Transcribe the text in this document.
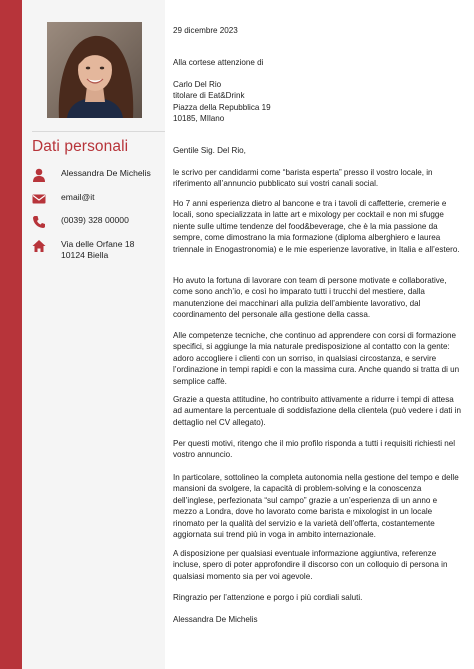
Dati personali
Alessandra De Michelis
email@it
(0039) 328 00000
Via delle Orfane 18
10124 Biella

29 dicembre 2023

Alla cortese attenzione di

Carlo Del Rio
titolare di Eat&Drink
Piazza della Repubblica 19
10185, MIlano

Gentile Sig. Del Rio,

le scrivo per candidarmi come “barista esperta” presso il vostro locale, in riferimento all’annuncio pubblicato sui vostri canali social.

Ho 7 anni esperienza dietro al bancone e tra i tavoli di caffetterie, cremerie e locali, sono specializzata in latte art e mixology per cocktail e non mi sfugge niente sulle ultime tendenze del food&beverage, che è la mia passione da sempre, come dimostrano la mia formazione (diploma alberghiero e laurea triennale in Enogastronomia) e le mie esperienze lavorative, in Italia e all’estero.

Ho avuto la fortuna di lavorare con team di persone motivate e collaborative, come sono anch’io, e così ho imparato tutti i trucchi del mestiere, dalla manutenzione dei macchinari alla pulizia dell’ambiente lavorativo, dal coordinamento del personale alla gestione della cassa.

Alle competenze tecniche, che continuo ad apprendere con corsi di formazione specifici, si aggiunge la mia naturale predisposizione al contatto con la gente: adoro accogliere i clienti con un sorriso, in qualsiasi circostanza, e servire l’ordinazione in tempi rapidi e con la massima cura. Anche quando si tratta di un semplice caffè.

Grazie a questa attitudine, ho contribuito attivamente a ridurre i tempi di attesa ad aumentare la percentuale di soddisfazione della clientela (può vedere i dati in dettaglio nel CV allegato).

Per questi motivi, ritengo che il mio profilo risponda a tutti i requisiti richiesti nel vostro annuncio.

In particolare, sottolineo la completa autonomia nella gestione del tempo e delle mansioni da svolgere, la capacità di problem-solving e la conoscenza dell’inglese, perfezionata “sul campo” grazie a un’esperienza di un anno e mezzo a Londra, dove ho lavorato come barista e mixologist in un locale rinomato per la qualità del servizio e la varietà dell’offerta, costantemente aggiornata sui trend più in voga in ambito internazionale.

A disposizione per qualsiasi eventuale informazione aggiuntiva, referenze incluse, spero di poter approfondire il discorso con un colloquio di persona in qualsiasi momento sia per voi agevole.

Ringrazio per l’attenzione e porgo i più cordiali saluti.

Alessandra De Michelis
